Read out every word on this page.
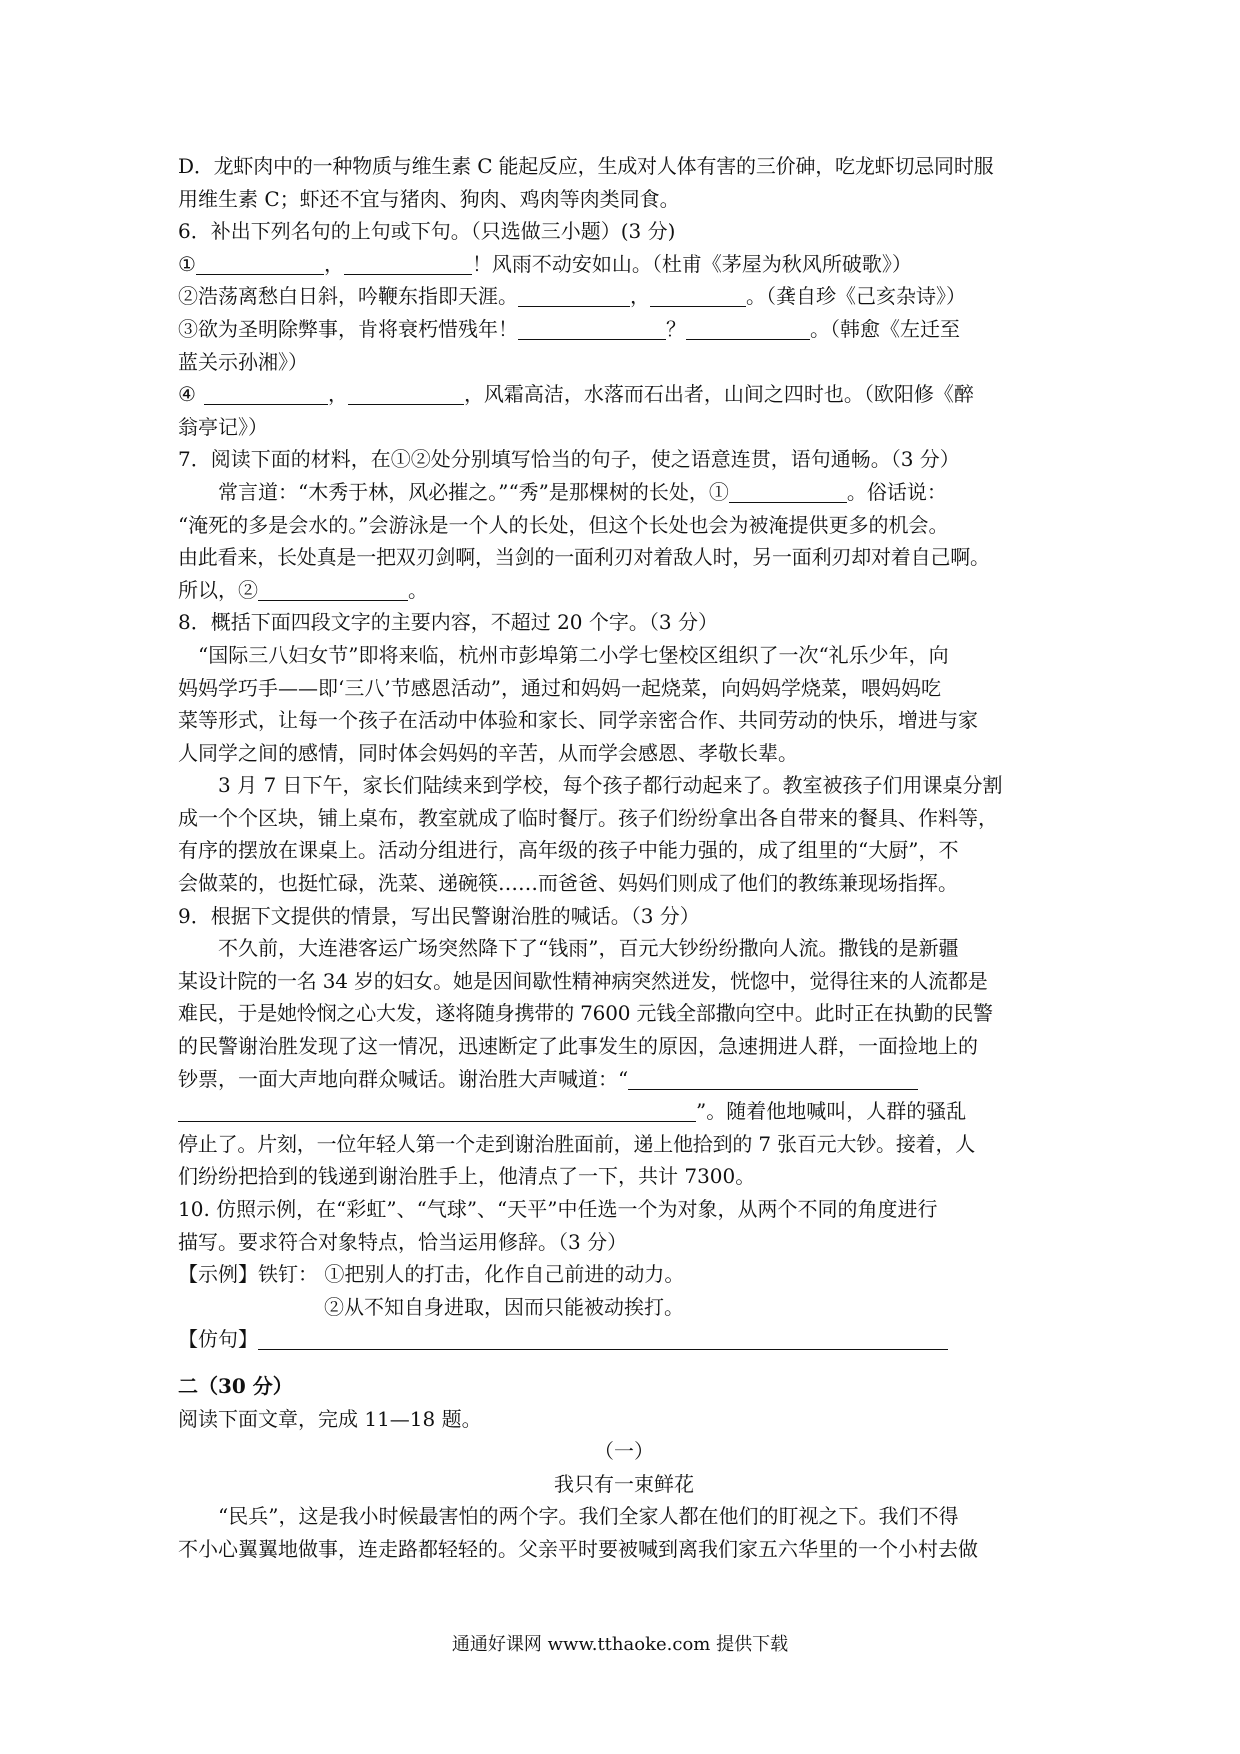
D．龙虾肉中的一种物质与维生素 C 能起反应，生成对人体有害的三价砷，吃龙虾切忌同时服

用维生素 C；虾还不宜与猪肉、狗肉、鸡肉等肉类同食。

6．补出下列名句的上句或下句。（只选做三小题）(3 分)

①	，	！风雨不动安如山。（杜甫《茅屋为秋风所破歌》）

②浩荡离愁白日斜，吟鞭东指即天涯。	，	。（龚自珍《己亥杂诗》）

③欲为圣明除弊事，肯将衰朽惜残年！	？	。（韩愈《左迁至

蓝关示孙湘》）

④	，	，风霜高洁，水落而石出者，山间之四时也。（欧阳修《醉

翁亭记》）

7．阅读下面的材料，在①②处分别填写恰当的句子，使之语意连贯，语句通畅。（3 分）

常言道：“木秀于林，风必摧之。”“秀”是那棵树的长处，①	。俗话说：

“淹死的多是会水的。”会游泳是一个人的长处，但这个长处也会为被淹提供更多的机会。

由此看来，长处真是一把双刃剑啊，当剑的一面利刃对着敌人时，另一面利刃却对着自己啊。

所以，②	。

8．概括下面四段文字的主要内容，不超过 20 个字。（3 分）

“国际三八妇女节”即将来临，杭州市彭埠第二小学七堡校区组织了一次“礼乐少年，向

妈妈学巧手——即‘三八’节感恩活动”，通过和妈妈一起烧菜，向妈妈学烧菜，喂妈妈吃

菜等形式，让每一个孩子在活动中体验和家长、同学亲密合作、共同劳动的快乐，增进与家

人同学之间的感情，同时体会妈妈的辛苦，从而学会感恩、孝敬长辈。

3 月 7 日下午，家长们陆续来到学校，每个孩子都行动起来了。教室被孩子们用课桌分割

成一个个区块，铺上桌布，教室就成了临时餐厅。孩子们纷纷拿出各自带来的餐具、作料等，

有序的摆放在课桌上。活动分组进行，高年级的孩子中能力强的，成了组里的“大厨”，不

会做菜的，也挺忙碌，洗菜、递碗筷……而爸爸、妈妈们则成了他们的教练兼现场指挥。

9．根据下文提供的情景，写出民警谢治胜的喊话。（3 分）

不久前，大连港客运广场突然降下了“钱雨”，百元大钞纷纷撒向人流。撒钱的是新疆

某设计院的一名 34 岁的妇女。她是因间歇性精神病突然迸发，恍惚中，觉得往来的人流都是

难民，于是她怜悯之心大发，遂将随身携带的 7600 元钱全部撒向空中。此时正在执勤的民警

的民警谢治胜发现了这一情况，迅速断定了此事发生的原因，急速拥进人群，一面捡地上的

钞票，一面大声地向群众喊话。谢治胜大声喊道：“

”。随着他地喊叫，人群的骚乱

停止了。片刻，一位年轻人第一个走到谢治胜面前，递上他拾到的 7 张百元大钞。接着，人

们纷纷把拾到的钱递到谢治胜手上，他清点了一下，共计 7300。

10. 仿照示例，在“彩虹”、“气球”、“天平”中任选一个为对象，从两个不同的角度进行

描写。要求符合对象特点，恰当运用修辞。（3 分）

【示例】铁钉： ①把别人的打击，化作自己前进的动力。

②从不知自身进取，因而只能被动挨打。

【仿句】

二（30 分）

阅读下面文章，完成 11—18 题。

（一）

我只有一束鲜花

“民兵”，这是我小时候最害怕的两个字。我们全家人都在他们的盯视之下。我们不得

不小心翼翼地做事，连走路都轻轻的。父亲平时要被喊到离我们家五六华里的一个小村去做

通通好课网 www.tthaoke.com 提供下载
